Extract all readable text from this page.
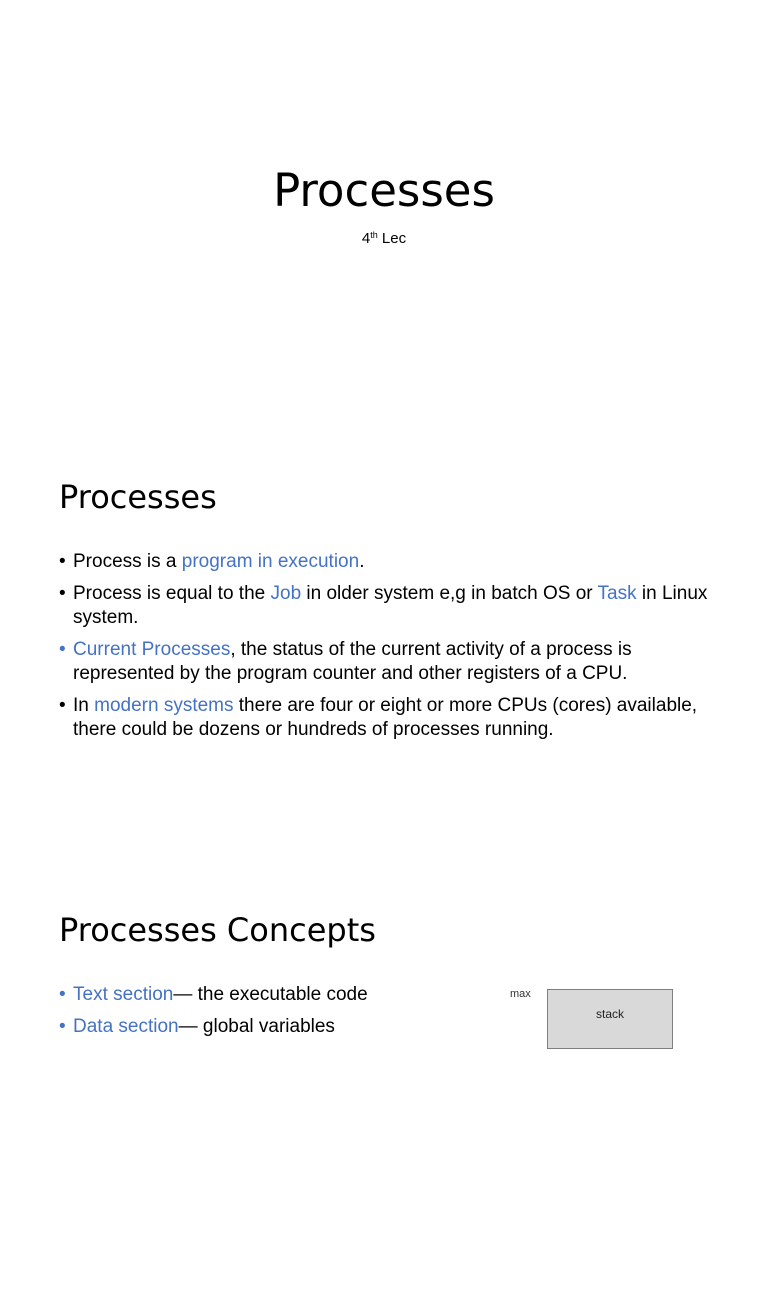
Processes
4th Lec
Processes
• Process is a program in execution.
• Process is equal to the Job in older system e,g in batch OS or Task in Linux system.
• Current Processes, the status of the current activity of a process is represented by the program counter and other registers of a CPU.
• In modern systems there are four or eight or more CPUs (cores) available, there could be dozens or hundreds of processes running.
Processes Concepts
• Text section— the executable code
• Data section— global variables
max
stack
